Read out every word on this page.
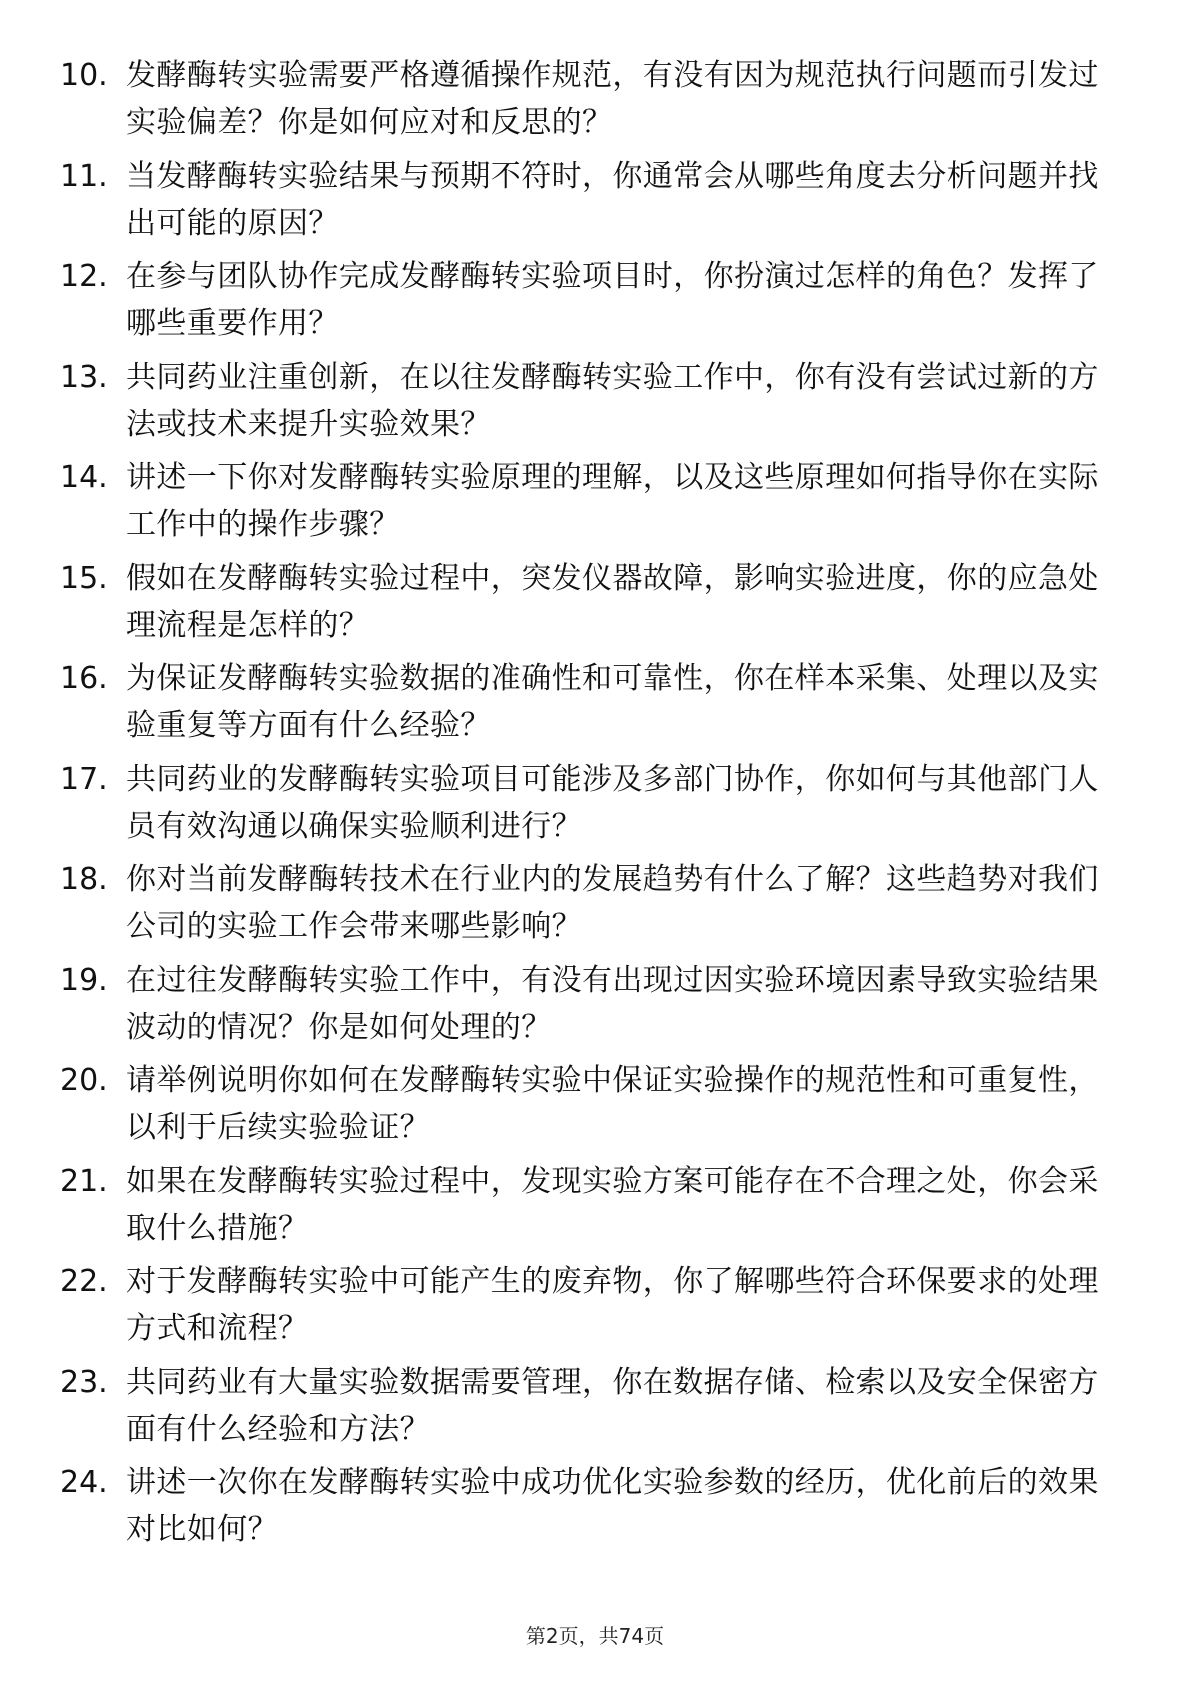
10. 发酵酶转实验需要严格遵循操作规范，有没有因为规范执行问题而引发过实验偏差？你是如何应对和反思的？
11. 当发酵酶转实验结果与预期不符时，你通常会从哪些角度去分析问题并找出可能的原因？
12. 在参与团队协作完成发酵酶转实验项目时，你扮演过怎样的角色？发挥了哪些重要作用？
13. 共同药业注重创新，在以往发酵酶转实验工作中，你有没有尝试过新的方法或技术来提升实验效果？
14. 讲述一下你对发酵酶转实验原理的理解，以及这些原理如何指导你在实际工作中的操作步骤？
15. 假如在发酵酶转实验过程中，突发仪器故障，影响实验进度，你的应急处理流程是怎样的？
16. 为保证发酵酶转实验数据的准确性和可靠性，你在样本采集、处理以及实验重复等方面有什么经验？
17. 共同药业的发酵酶转实验项目可能涉及多部门协作，你如何与其他部门人员有效沟通以确保实验顺利进行？
18. 你对当前发酵酶转技术在行业内的发展趋势有什么了解？这些趋势对我们公司的实验工作会带来哪些影响？
19. 在过往发酵酶转实验工作中，有没有出现过因实验环境因素导致实验结果波动的情况？你是如何处理的？
20. 请举例说明你如何在发酵酶转实验中保证实验操作的规范性和可重复性，以利于后续实验验证？
21. 如果在发酵酶转实验过程中，发现实验方案可能存在不合理之处，你会采取什么措施？
22. 对于发酵酶转实验中可能产生的废弃物，你了解哪些符合环保要求的处理方式和流程？
23. 共同药业有大量实验数据需要管理，你在数据存储、检索以及安全保密方面有什么经验和方法？
24. 讲述一次你在发酵酶转实验中成功优化实验参数的经历，优化前后的效果对比如何？
第2页，共74页
